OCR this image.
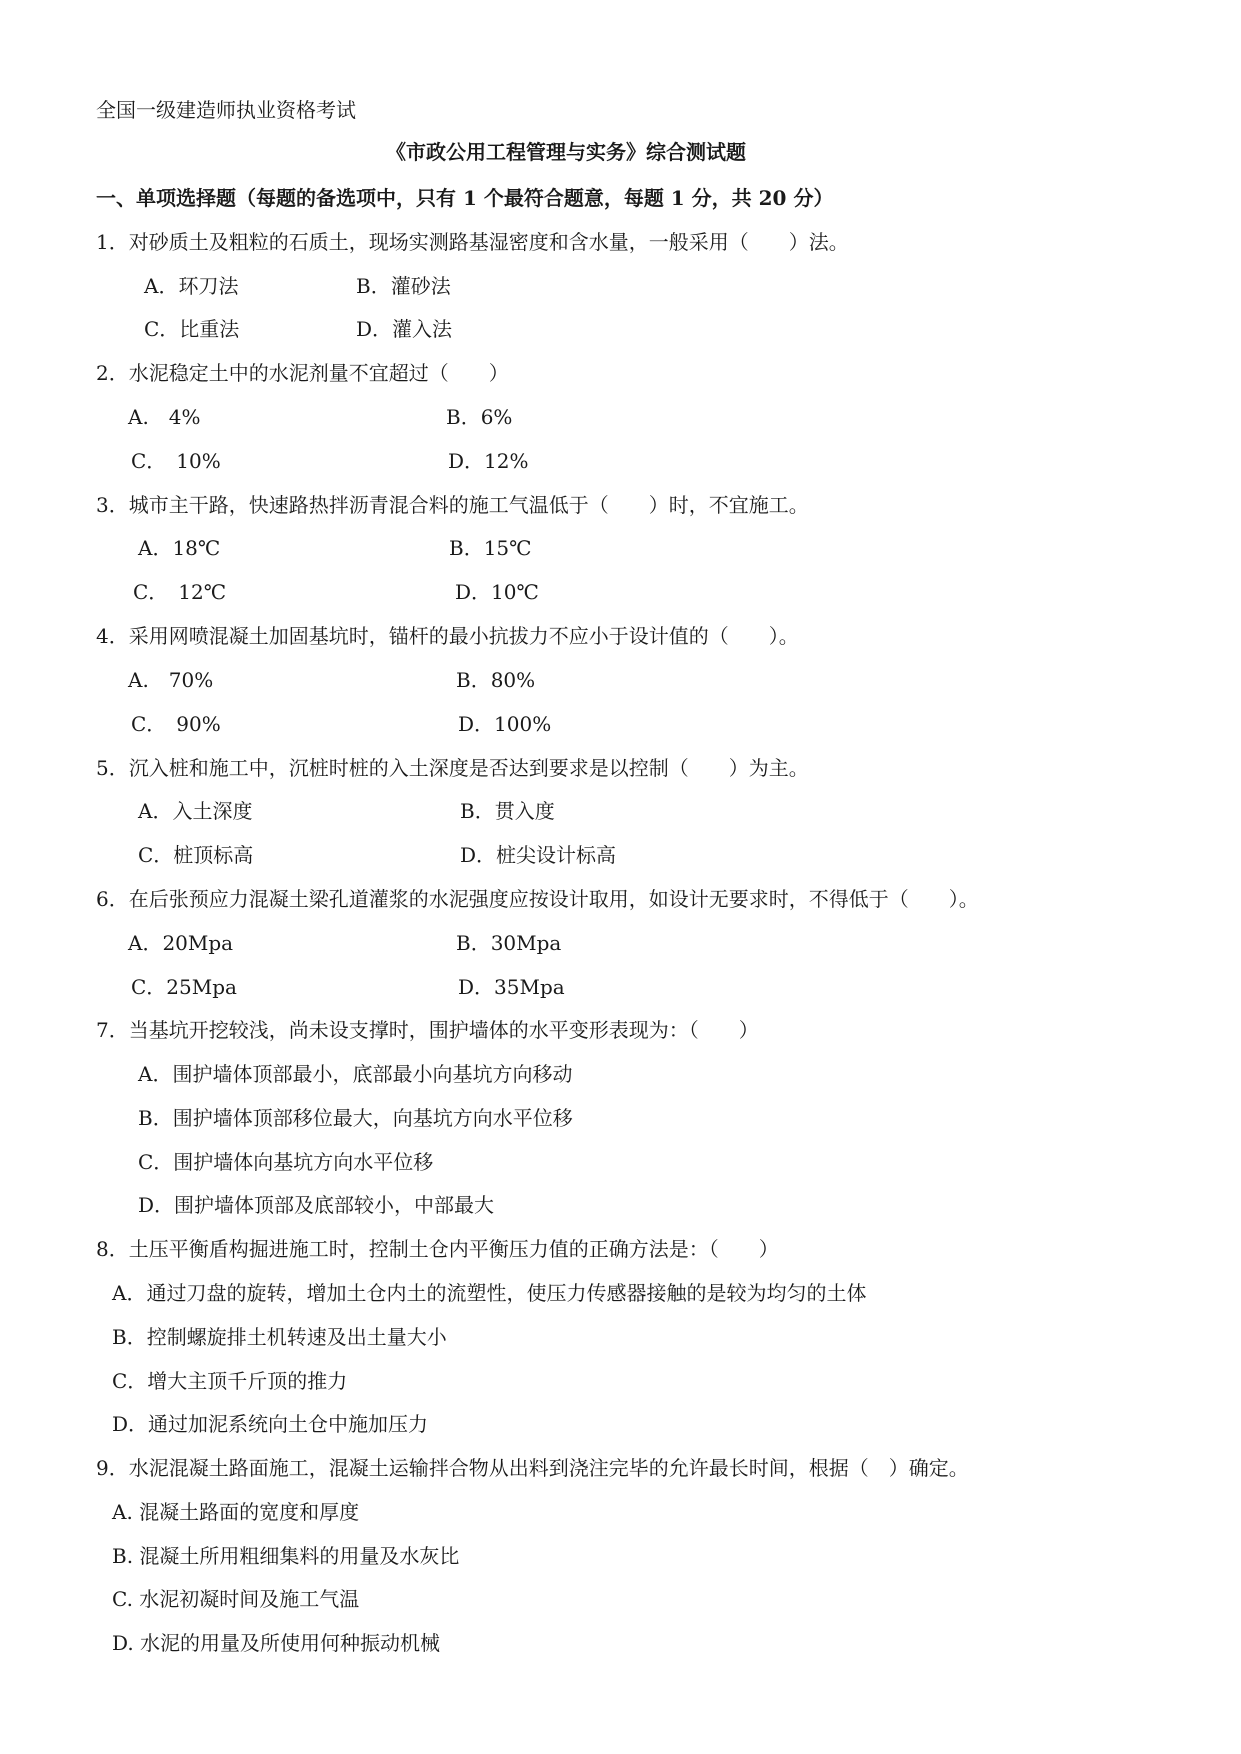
全国一级建造师执业资格考试
《市政公用工程管理与实务》综合测试题
一、单项选择题（每题的备选项中，只有 1 个最符合题意，每题 1 分，共 20 分）
1．对砂质土及粗粒的石质土，现场实测路基湿密度和含水量，一般采用（　　）法。
A．环刀法	B．灌砂法
C．比重法	D．灌入法
2．水泥稳定土中的水泥剂量不宜超过（　　）
A.　4%	B．6%
C．　10%	D．12%
3．城市主干路，快速路热拌沥青混合料的施工气温低于（　　）时，不宜施工。
A．18℃	B．15℃
C．　12℃	D．10℃
4．采用网喷混凝土加固基坑时，锚杆的最小抗拔力不应小于设计值的（　　）。
A.　70%	B．80%
C．　90%	D．100%
5．沉入桩和施工中，沉桩时桩的入土深度是否达到要求是以控制（　　）为主。
A．入土深度	B．贯入度
C．桩顶标高	D．桩尖设计标高
6．在后张预应力混凝土梁孔道灌浆的水泥强度应按设计取用，如设计无要求时，不得低于（　　）。
A．20Mpa	B．30Mpa
C．25Mpa	D．35Mpa
7．当基坑开挖较浅，尚未设支撑时，围护墙体的水平变形表现为：（　　）
A．围护墙体顶部最小，底部最小向基坑方向移动
B．围护墙体顶部移位最大，向基坑方向水平位移
C．围护墙体向基坑方向水平位移
D．围护墙体顶部及底部较小，中部最大
8．土压平衡盾构掘进施工时，控制土仓内平衡压力值的正确方法是：（　　）
A．通过刀盘的旋转，增加土仓内土的流塑性，使压力传感器接触的是较为均匀的土体
B．控制螺旋排土机转速及出土量大小
C．增大主顶千斤顶的推力
D．通过加泥系统向土仓中施加压力
9．水泥混凝土路面施工，混凝土运输拌合物从出料到浇注完毕的允许最长时间，根据（　）确定。
A. 混凝土路面的宽度和厚度
B. 混凝土所用粗细集料的用量及水灰比
C. 水泥初凝时间及施工气温
D. 水泥的用量及所使用何种振动机械
